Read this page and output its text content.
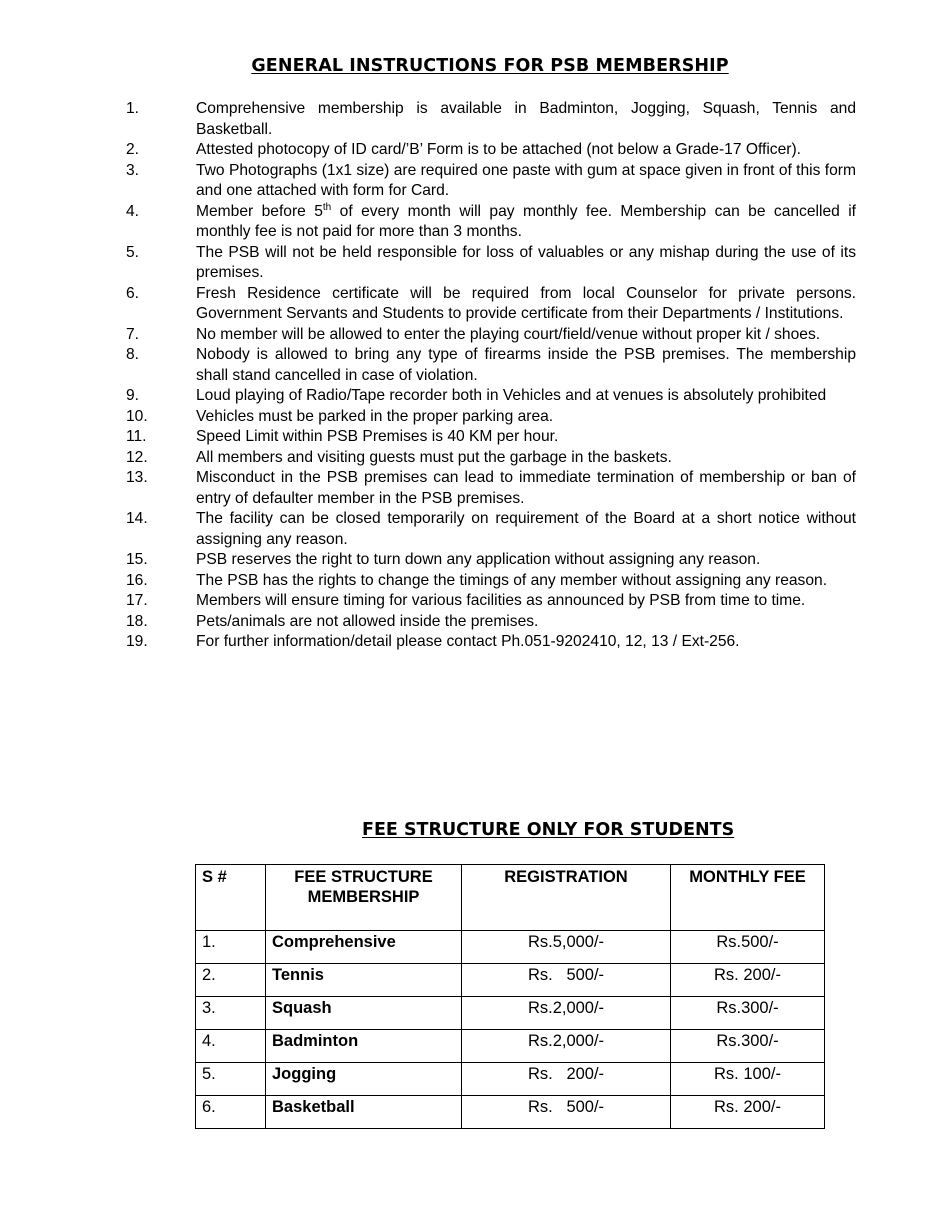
GENERAL INSTRUCTIONS FOR PSB MEMBERSHIP
1.	Comprehensive membership is available in Badminton, Jogging, Squash, Tennis and Basketball.
2.	Attested photocopy of ID card/’B’ Form is to be attached (not below a Grade-17 Officer).
3.	Two Photographs (1x1 size) are required one paste with gum at space given in front of this form and one attached with form for Card.
4.	Member before 5th of every month will pay monthly fee. Membership can be cancelled if monthly fee is not paid for more than 3 months.
5.	The PSB will not be held responsible for loss of valuables or any mishap during the use of its premises.
6.	Fresh Residence certificate will be required from local Counselor for private persons. Government Servants and Students to provide certificate from their Departments / Institutions.
7.	No member will be allowed to enter the playing court/field/venue without proper kit / shoes.
8.	Nobody is allowed to bring any type of firearms inside the PSB premises. The membership shall stand cancelled in case of violation.
9.	Loud playing of Radio/Tape recorder both in Vehicles and at venues is absolutely prohibited
10.	Vehicles must be parked in the proper parking area.
11.	Speed Limit within PSB Premises is 40 KM per hour.
12.	All members and visiting guests must put the garbage in the baskets.
13.	Misconduct in the PSB premises can lead to immediate termination of membership or ban of entry of defaulter member in the PSB premises.
14.	The facility can be closed temporarily on requirement of the Board at a short notice without assigning any reason.
15.	PSB reserves the right to turn down any application without assigning any reason.
16.	The PSB has the rights to change the timings of any member without assigning any reason.
17.	Members will ensure timing for various facilities as announced by PSB from time to time.
18.	Pets/animals are not allowed inside the premises.
19.	For further information/detail please contact Ph.051-9202410, 12, 13 / Ext-256.
FEE STRUCTURE ONLY FOR STUDENTS
S #	FEE STRUCTURE MEMBERSHIP	REGISTRATION	MONTHLY FEE
1.	Comprehensive	Rs.5,000/-	Rs.500/-
2.	Tennis	Rs.   500/-	Rs. 200/-
3.	Squash	Rs.2,000/-	Rs.300/-
4.	Badminton	Rs.2,000/-	Rs.300/-
5.	Jogging	Rs.   200/-	Rs. 100/-
6.	Basketball	Rs.   500/-	Rs. 200/-
